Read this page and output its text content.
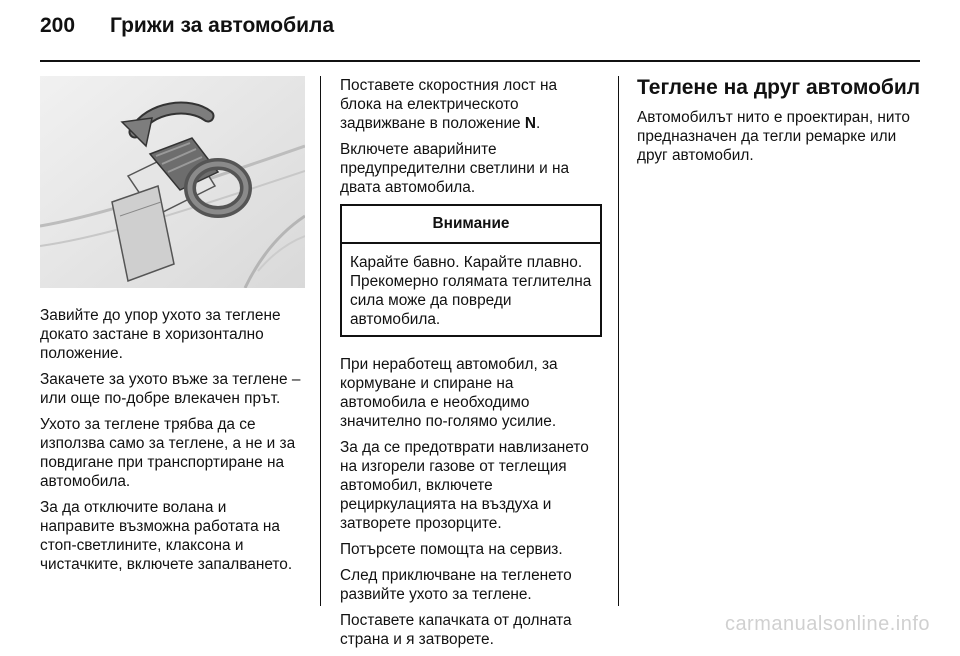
200	Грижи за автомобила

Завийте до упор ухото за теглене докато застане в хоризонтално положение.

Закачете за ухото въже за теглене – или още по-добре влекачен прът.

Ухото за теглене трябва да се използва само за теглене, а не и за повдигане при транспортиране на автомобила.

За да отключите волана и направите възможна работата на стоп-светлините, клаксона и чистачките, включете запалването.

Поставете скоростния лост на блока на електрическото задвижване в положение N.

Включете аварийните предупредителни светлини и на двата автомобила.

Внимание
Карайте бавно. Карайте плавно. Прекомерно голямата теглителна сила може да повреди автомобила.

При неработещ автомобил, за кормуване и спиране на автомобила е необходимо значително по-голямо усилие.

За да се предотврати навлизането на изгорели газове от теглещия автомобил, включете рециркулацията на въздуха и затворете прозорците.

Потърсете помощта на сервиз.

След приключване на тегленето развийте ухото за теглене.

Поставете капачката от долната страна и я затворете.

Теглене на друг автомобил

Автомобилът нито е проектиран, нито предназначен да тегли ремарке или друг автомобил.

carmanualsonline.info
